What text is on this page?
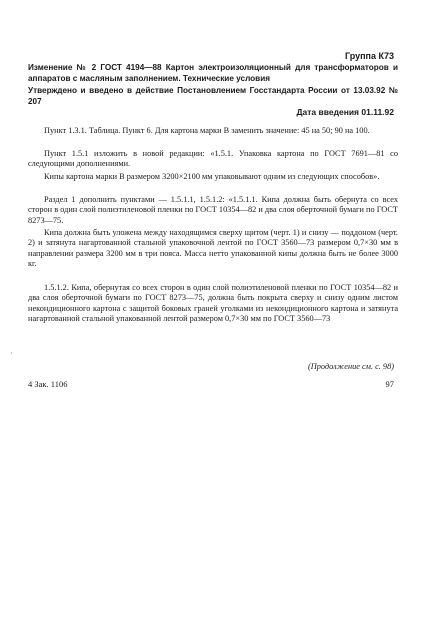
Группа К73
Изменение № 2 ГОСТ 4194—88 Картон электроизоляционный для трансформаторов и аппаратов с масляным заполнением. Технические условия
Утверждено и введено в действие Постановлением Госстандарта России от 13.03.92 № 207
Дата введения 01.11.92

Пункт 1.3.1. Таблица. Пункт 6. Для картона марки В заменить значение: 45 на 50; 90 на 100.

Пункт 1.5.1 изложить в новой редакции: «1.5.1. Упаковка картона по ГОСТ 7691—81 со следующими дополнениями.

Кипы картона марки В размером 3200×2100 мм упаковывают одним из следующих способов».

Раздел 1 дополнить пунктами — 1.5.1.1, 1.5.1.2: «1.5.1.1. Кипа должна быть обернута со всех сторон в один слой полиэтиленовой пленки по ГОСТ 10354—82 и два слоя оберточной бумаги по ГОСТ 8273—75.

Кипа должна быть уложена между находящимся сверху щитом (черт. 1) и снизу — поддоном (черт. 2) и затянута нагартованной стальной упаковочной лентой по ГОСТ 3560—73 размером 0,7×30 мм в направлении размера 3200 мм в три пояса. Масса нетто упакованной кипы должна быть не более 3000 кг.

1.5.1.2. Кипа, обернутая со всех сторон в один слой полиэтиленовой пленки по ГОСТ 10354—82 и два слоя оберточной бумаги по ГОСТ 8273—75, должна быть покрыта сверху и снизу одним листом некондиционного картона с защитой боковых граней уголками из некондиционного картона и затянута нагартованной стальной упакованной лентой размером 0,7×30 мм по ГОСТ 3560—73

(Продолжение см. с. 98)
·
4 Зак. 1106	97
